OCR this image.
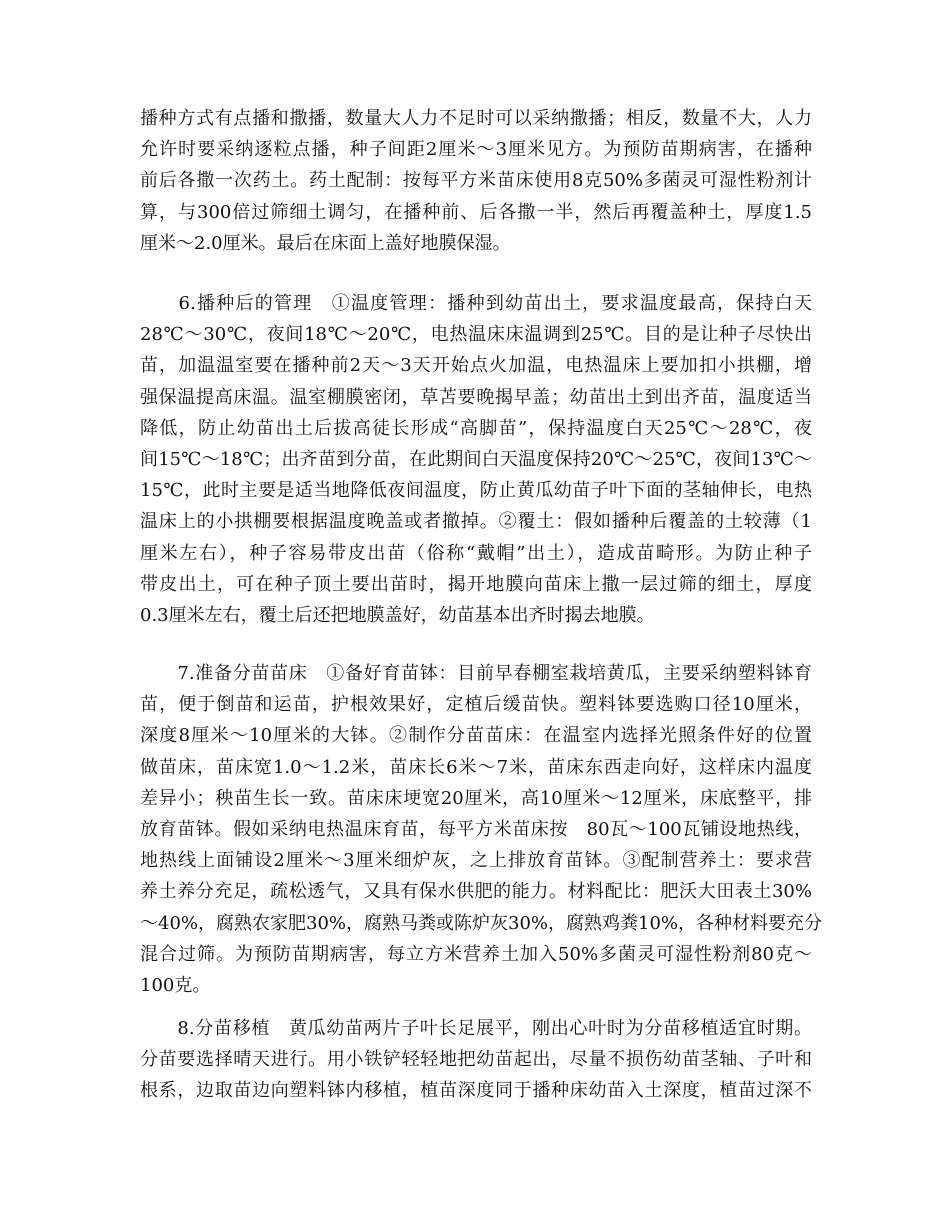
播种方式有点播和撒播，数量大人力不足时可以采纳撒播；相反，数量不大，人力
允许时要采纳逐粒点播，种子间距2厘米～3厘米见方。为预防苗期病害，在播种
前后各撒一次药土。药土配制：按每平方米苗床使用8克50%多菌灵可湿性粉剂计
算，与300倍过筛细土调匀，在播种前、后各撒一半，然后再覆盖种土，厚度1.5
厘米～2.0厘米。最后在床面上盖好地膜保湿。

　　6.播种后的管理　①温度管理：播种到幼苗出土，要求温度最高，保持白天
28℃～30℃，夜间18℃～20℃，电热温床床温调到25℃。目的是让种子尽快出
苗，加温温室要在播种前2天～3天开始点火加温，电热温床上要加扣小拱棚，增
强保温提高床温。温室棚膜密闭，草苫要晚揭早盖；幼苗出土到出齐苗，温度适当
降低，防止幼苗出土后拔高徒长形成“高脚苗”，保持温度白天25℃～28℃，夜
间15℃～18℃；出齐苗到分苗，在此期间白天温度保持20℃～25℃，夜间13℃～
15℃，此时主要是适当地降低夜间温度，防止黄瓜幼苗子叶下面的茎轴伸长，电热
温床上的小拱棚要根据温度晚盖或者撤掉。②覆土：假如播种后覆盖的土较薄（1
厘米左右），种子容易带皮出苗（俗称“戴帽”出土），造成苗畸形。为防止种子
带皮出土，可在种子顶土要出苗时，揭开地膜向苗床上撒一层过筛的细土，厚度
0.3厘米左右，覆土后还把地膜盖好，幼苗基本出齐时揭去地膜。

　　7.准备分苗苗床　①备好育苗钵：目前早春棚室栽培黄瓜，主要采纳塑料钵育
苗，便于倒苗和运苗，护根效果好，定植后缓苗快。塑料钵要选购口径10厘米，
深度8厘米～10厘米的大钵。②制作分苗苗床：在温室内选择光照条件好的位置
做苗床，苗床宽1.0～1.2米，苗床长6米～7米，苗床东西走向好，这样床内温度
差异小；秧苗生长一致。苗床床埂宽20厘米，高10厘米～12厘米，床底整平，排
放育苗钵。假如采纳电热温床育苗，每平方米苗床按　80瓦～100瓦铺设地热线，
地热线上面铺设2厘米～3厘米细炉灰，之上排放育苗钵。③配制营养土：要求营
养土养分充足，疏松透气，又具有保水供肥的能力。材料配比：肥沃大田表土30%
～40%，腐熟农家肥30%，腐熟马粪或陈炉灰30%，腐熟鸡粪10%，各种材料要充分
混合过筛。为预防苗期病害，每立方米营养土加入50%多菌灵可湿性粉剂80克～
100克。

　　8.分苗移植　黄瓜幼苗两片子叶长足展平，刚出心叶时为分苗移植适宜时期。
分苗要选择晴天进行。用小铁铲轻轻地把幼苗起出，尽量不损伤幼苗茎轴、子叶和
根系，边取苗边向塑料钵内移植，植苗深度同于播种床幼苗入土深度，植苗过深不
